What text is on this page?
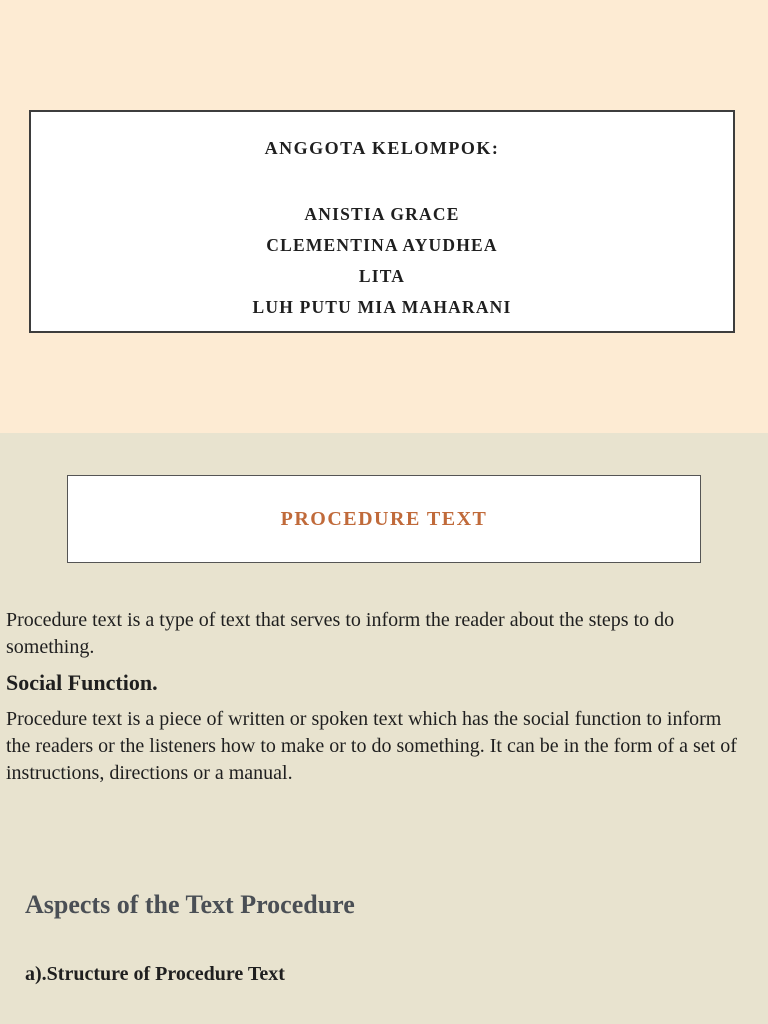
ANGGOTA KELOMPOK:
ANISTIA GRACE
CLEMENTINA AYUDHEA
LITA
LUH PUTU MIA MAHARANI
PROCEDURE TEXT

Procedure text is a type of text that serves to inform the reader about the steps to do something.

Social Function.

Procedure text is a piece of written or spoken text which has the social function to inform the readers or the listeners how to make or to do something. It can be in the form of a set of instructions, directions or a manual.

Aspects of the Text Procedure
a).Structure of Procedure Text
